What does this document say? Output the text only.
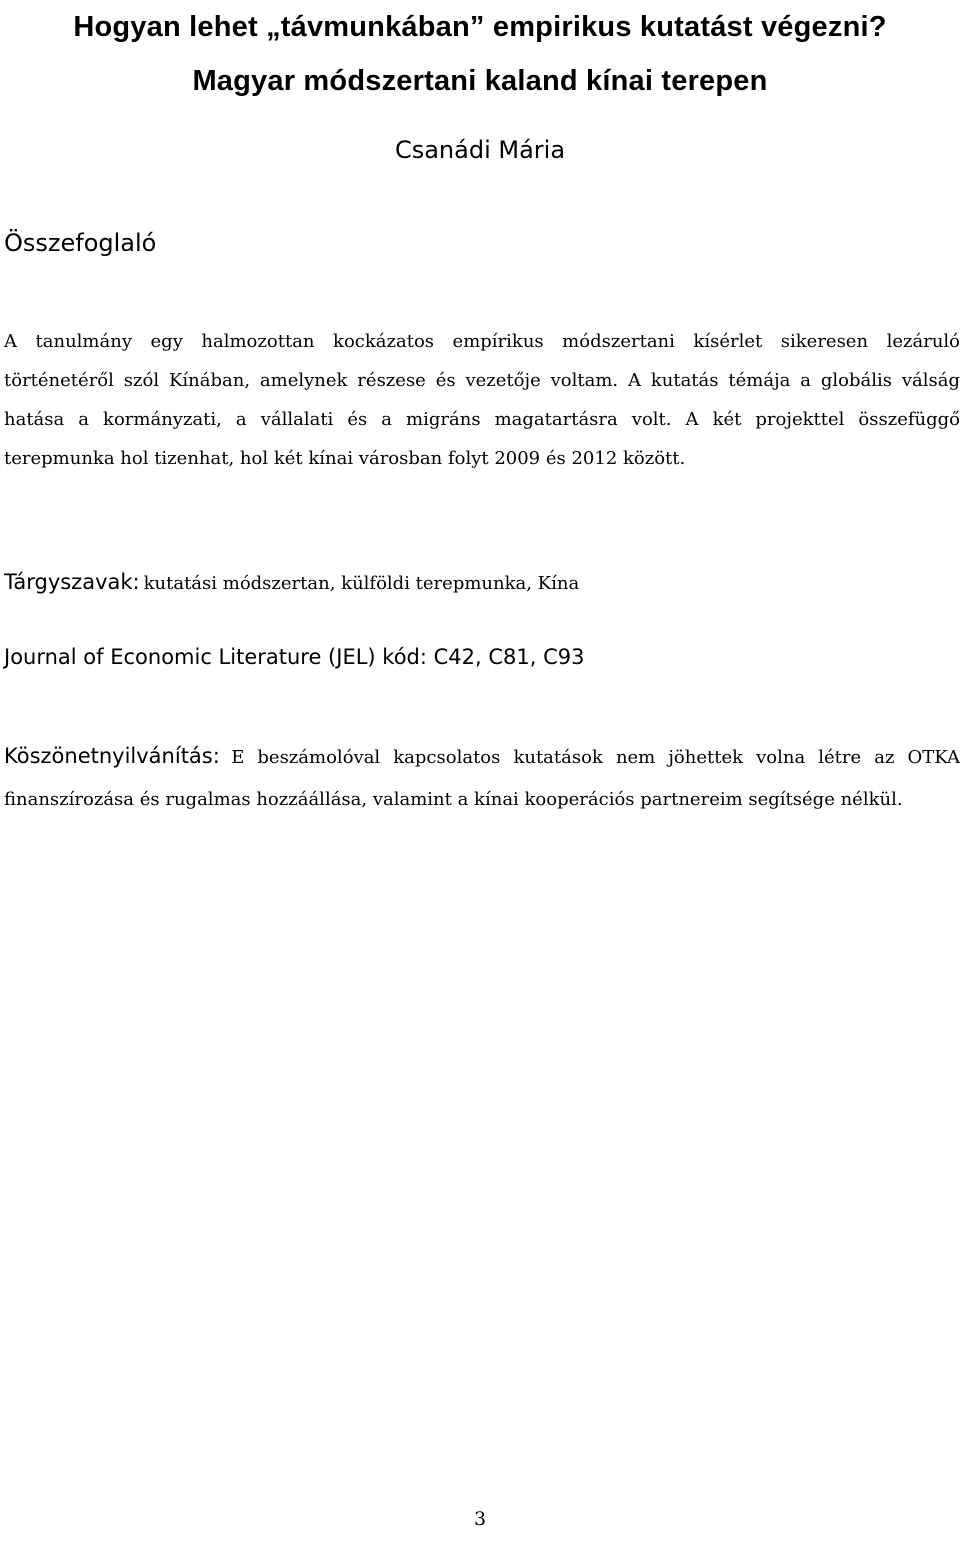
Hogyan lehet „távmunkában” empirikus kutatást végezni? Magyar módszertani kaland kínai terepen
Csanádi Mária
Összefoglaló

A tanulmány egy halmozottan kockázatos empírikus módszertani kísérlet sikeresen lezáruló történetéről szól Kínában, amelynek részese és vezetője voltam. A kutatás témája a globális válság hatása a kormányzati, a vállalati és a migráns magatartásra volt. A két projekttel összefüggő terepmunka hol tizenhat, hol két kínai városban folyt 2009 és 2012 között.

Tárgyszavak: kutatási módszertan, külföldi terepmunka, Kína

Journal of Economic Literature (JEL) kód: C42, C81, C93

Köszönetnyilvánítás: E beszámolóval kapcsolatos kutatások nem jöhettek volna létre az OTKA finanszírozása és rugalmas hozzáállása, valamint a kínai kooperációs partnereim segítsége nélkül.

3
